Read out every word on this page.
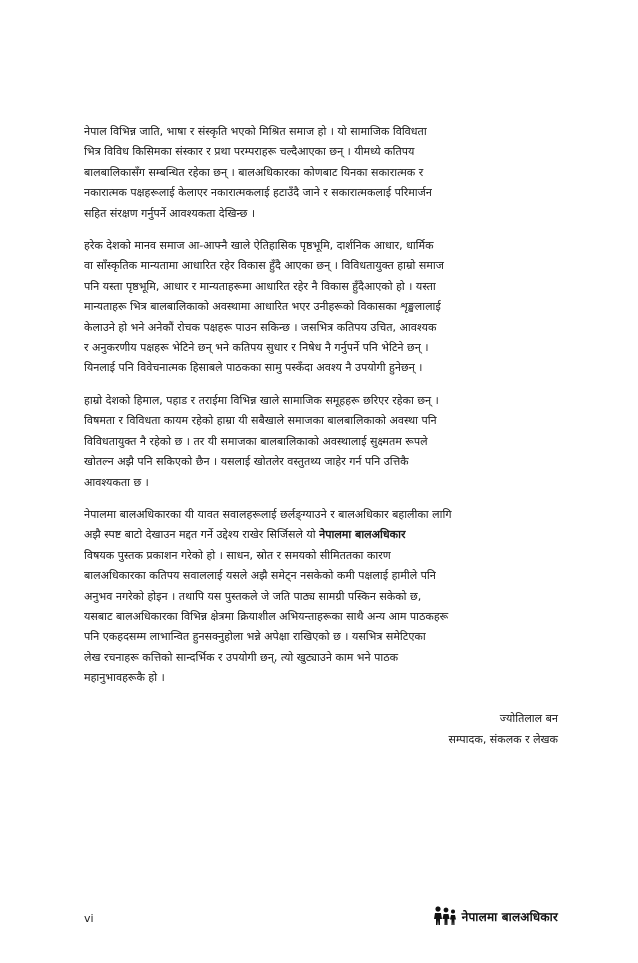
नेपाल विभिन्न जाति, भाषा र संस्कृति भएको मिश्रित समाज हो । यो सामाजिक विविधता
भित्र विविध किसिमका संस्कार र प्रथा परम्पराहरू चल्दैआएका छन् । यीमध्ये कतिपय
बालबालिकासँग सम्बन्धित रहेका छन् । बालअधिकारका कोणबाट यिनका सकारात्मक र
नकारात्मक पक्षहरूलाई केलाएर नकारात्मकलाई हटाउँदै जाने र सकारात्मकलाई परिमार्जन
सहित संरक्षण गर्नुपर्ने आवश्यकता देखिन्छ ।

हरेक देशको मानव समाज आ-आफ्नै खाले ऐतिहासिक पृष्ठभूमि, दार्शनिक आधार, धार्मिक
वा साँस्कृतिक मान्यतामा आधारित रहेर विकास हुँदै आएका छन् । विविधतायुक्त हाम्रो समाज
पनि यस्ता पृष्ठभूमि, आधार र मान्यताहरूमा आधारित रहेर नै विकास हुँदैआएको हो । यस्ता
मान्यताहरू भित्र बालबालिकाको अवस्थामा आधारित भएर उनीहरूको विकासका शृङ्खलालाई
केलाउने हो भने अनेकौं रोचक पक्षहरू पाउन सकिन्छ । जसभित्र कतिपय उचित, आवश्यक
र अनुकरणीय पक्षहरू भेटिने छन् भने कतिपय सुधार र निषेध नै गर्नुपर्ने पनि भेटिने छन् ।
यिनलाई पनि विवेचनात्मक हिसाबले पाठकका सामु पस्कँदा अवश्य नै उपयोगी हुनेछन् ।

हाम्रो देशको हिमाल, पहाड र तराईमा विभिन्न खाले सामाजिक समूहहरू छरिएर रहेका छन् ।
विषमता र विविधता कायम रहेको हाम्रा यी सबैखाले समाजका बालबालिकाको अवस्था पनि
विविधतायुक्त नै रहेको छ । तर यी समाजका बालबालिकाको अवस्थालाई सुक्ष्मतम रूपले
खोतल्न अझै पनि सकिएको छैन । यसलाई खोतलेर वस्तुतथ्य जाहेर गर्न पनि उत्तिकै
आवश्यकता छ ।

नेपालमा बालअधिकारका यी यावत सवालहरूलाई छर्लङ्ग्याउने र बालअधिकार बहालीका लागि
अझै स्पष्ट बाटो देखाउन मद्दत गर्ने उद्देश्य राखेर सिर्जिसले यो नेपालमा बालअधिकार
विषयक पुस्तक प्रकाशन गरेको हो । साधन, स्रोत र समयको सीमिततका कारण
बालअधिकारका कतिपय सवाललाई यसले अझै समेट्न नसकेको कमी पक्षलाई हामीले पनि
अनुभव नगरेको होइन । तथापि यस पुस्तकले जे जति पाठ्य सामग्री पस्किन सकेको छ,
यसबाट बालअधिकारका विभिन्न क्षेत्रमा क्रियाशील अभियन्ताहरूका साथै अन्य आम पाठकहरू
पनि एकहदसम्म लाभान्वित हुनसक्नुहोला भन्ने अपेक्षा राखिएको छ । यसभित्र समेटिएका
लेख रचनाहरू कत्तिको सान्दर्भिक र उपयोगी छन्, त्यो खुट्याउने काम भने पाठक
महानुभावहरूकै हो ।

ज्योतिलाल बन
सम्पादक, संकलक र लेखक
vi	नेपालमा बालअधिकार
